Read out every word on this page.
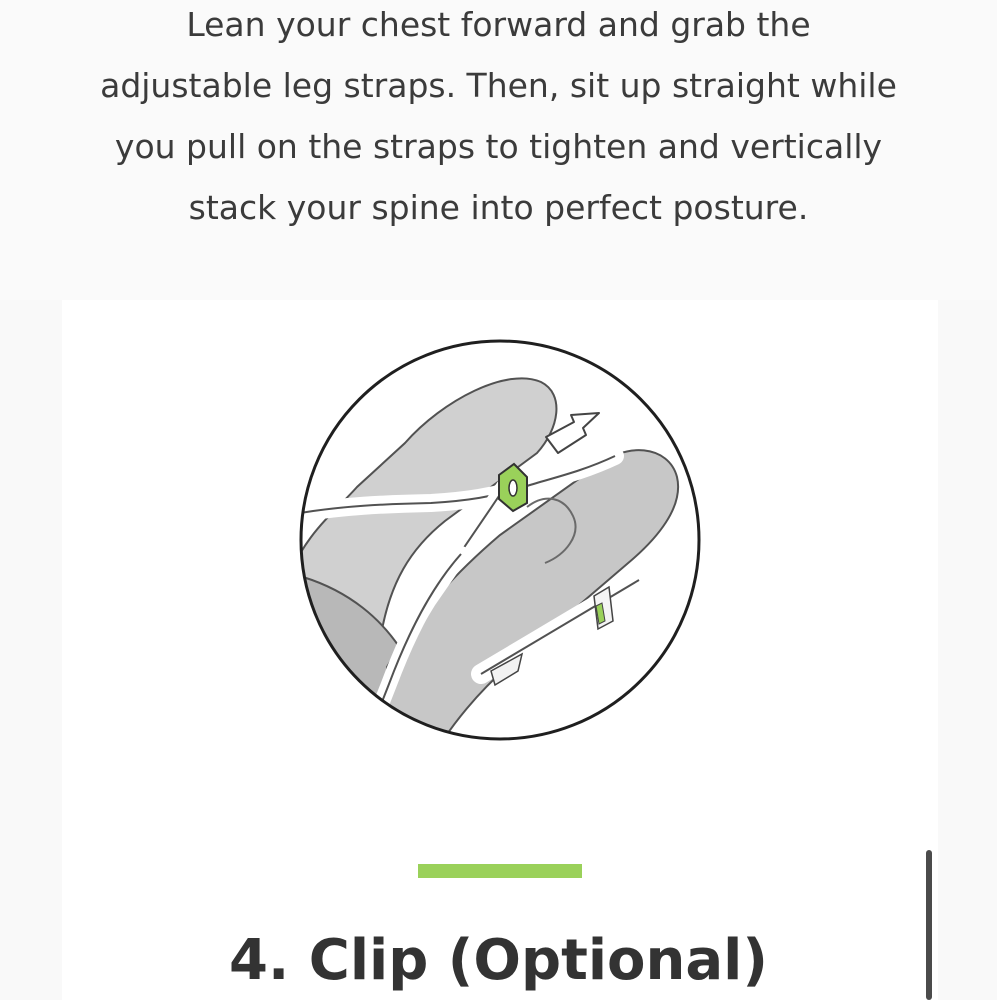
Lean your chest forward and grab the adjustable leg straps. Then, sit up straight while you pull on the straps to tighten and vertically stack your spine into perfect posture.

4. Clip (Optional)
